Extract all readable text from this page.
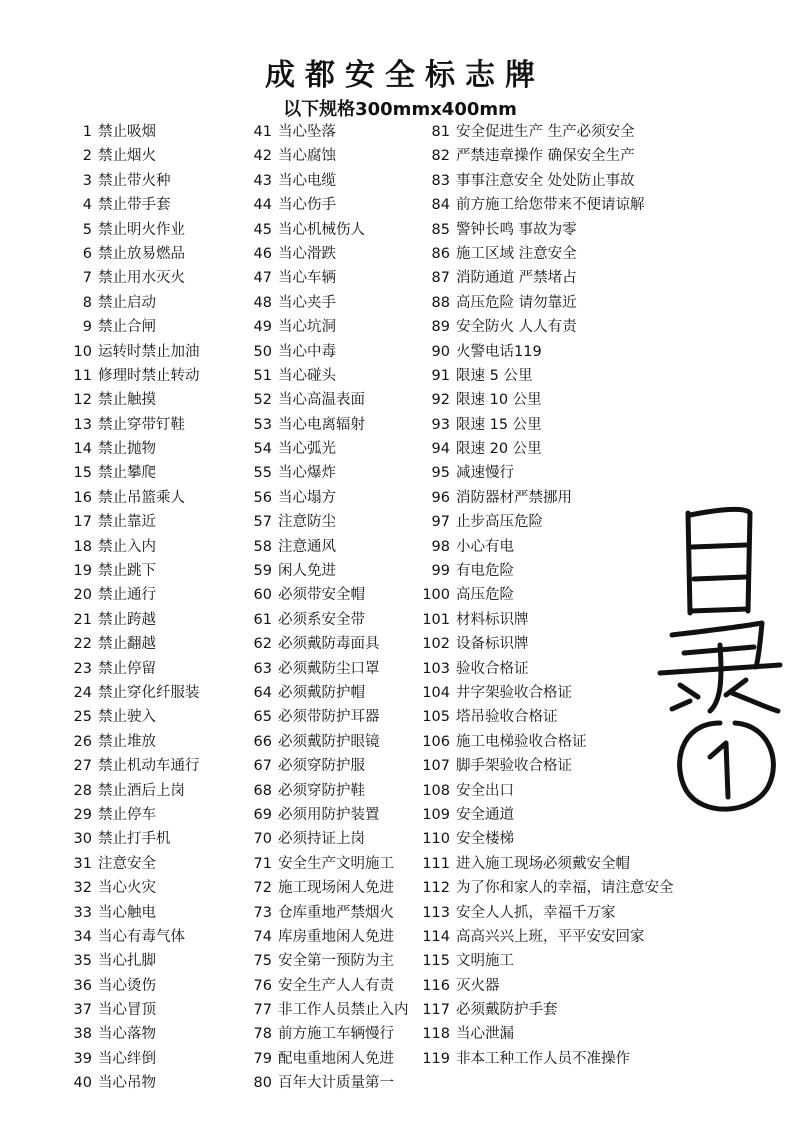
成都安全标志牌
以下规格300mmx400mm
1 禁止吸烟
2 禁止烟火
3 禁止带火种
4 禁止带手套
5 禁止明火作业
6 禁止放易燃品
7 禁止用水灭火
8 禁止启动
9 禁止合闸
10 运转时禁止加油
11 修理时禁止转动
12 禁止触摸
13 禁止穿带钉鞋
14 禁止抛物
15 禁止攀爬
16 禁止吊篮乘人
17 禁止靠近
18 禁止入内
19 禁止跳下
20 禁止通行
21 禁止跨越
22 禁止翻越
23 禁止停留
24 禁止穿化纤服装
25 禁止驶入
26 禁止堆放
27 禁止机动车通行
28 禁止酒后上岗
29 禁止停车
30 禁止打手机
31 注意安全
32 当心火灾
33 当心触电
34 当心有毒气体
35 当心扎脚
36 当心烫伤
37 当心冒顶
38 当心落物
39 当心绊倒
40 当心吊物
41 当心坠落
42 当心腐蚀
43 当心电缆
44 当心伤手
45 当心机械伤人
46 当心滑跌
47 当心车辆
48 当心夹手
49 当心坑洞
50 当心中毒
51 当心碰头
52 当心高温表面
53 当心电离辐射
54 当心弧光
55 当心爆炸
56 当心塌方
57 注意防尘
58 注意通风
59 闲人免进
60 必须带安全帽
61 必须系安全带
62 必须戴防毒面具
63 必须戴防尘口罩
64 必须戴防护帽
65 必须带防护耳器
66 必须戴防护眼镜
67 必须穿防护服
68 必须穿防护鞋
69 必须用防护装置
70 必须持证上岗
71 安全生产文明施工
72 施工现场闲人免进
73 仓库重地严禁烟火
74 库房重地闲人免进
75 安全第一预防为主
76 安全生产人人有责
77 非工作人员禁止入内
78 前方施工车辆慢行
79 配电重地闲人免进
80 百年大计质量第一
81 安全促进生产 生产必须安全
82 严禁违章操作 确保安全生产
83 事事注意安全 处处防止事故
84 前方施工给您带来不便请谅解
85 警钟长鸣 事故为零
86 施工区域 注意安全
87 消防通道 严禁堵占
88 高压危险 请勿靠近
89 安全防火 人人有责
90 火警电话119
91 限速 5 公里
92 限速 10 公里
93 限速 15 公里
94 限速 20 公里
95 减速慢行
96 消防器材严禁挪用
97 止步高压危险
98 小心有电
99 有电危险
100 高压危险
101 材料标识牌
102 设备标识牌
103 验收合格证
104 井字架验收合格证
105 塔吊验收合格证
106 施工电梯验收合格证
107 脚手架验收合格证
108 安全出口
109 安全通道
110 安全楼梯
111 进入施工现场必须戴安全帽
112 为了你和家人的幸福，请注意安全
113 安全人人抓，幸福千万家
114 高高兴兴上班，平平安安回家
115 文明施工
116 灭火器
117 必须戴防护手套
118 当心泄漏
119 非本工种工作人员不准操作
